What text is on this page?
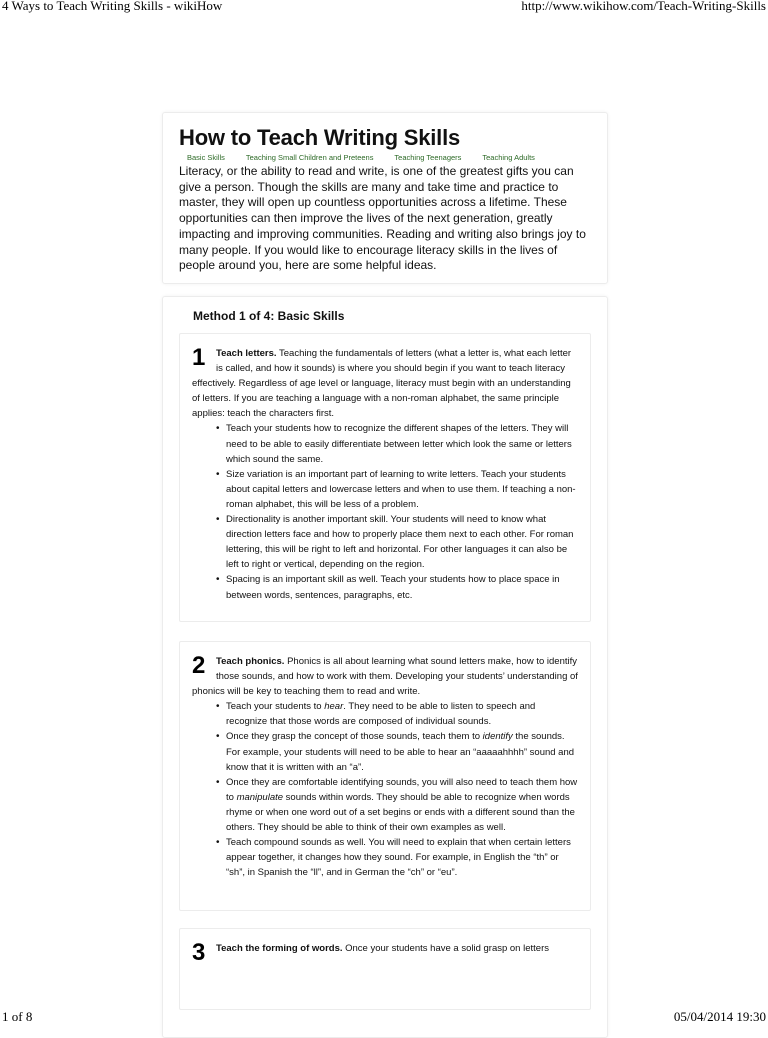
4 Ways to Teach Writing Skills - wikiHow	http://www.wikihow.com/Teach-Writing-Skills
How to Teach Writing Skills
Basic Skills	Teaching Small Children and Preteens	Teaching Teenagers	Teaching Adults

Literacy, or the ability to read and write, is one of the greatest gifts you can give a person. Though the skills are many and take time and practice to master, they will open up countless opportunities across a lifetime. These opportunities can then improve the lives of the next generation, greatly impacting and improving communities. Reading and writing also brings joy to many people. If you would like to encourage literacy skills in the lives of people around you, here are some helpful ideas.

Method 1 of 4: Basic Skills
1	Teach letters. Teaching the fundamentals of letters (what a letter is, what each letter is called, and how it sounds) is where you should begin if you want to teach literacy effectively. Regardless of age level or language, literacy must begin with an understanding of letters. If you are teaching a language with a non-roman alphabet, the same principle applies: teach the characters first.

• Teach your students how to recognize the different shapes of the letters. They will need to be able to easily differentiate between letter which look the same or letters which sound the same.
• Size variation is an important part of learning to write letters. Teach your students about capital letters and lowercase letters and when to use them. If teaching a non-roman alphabet, this will be less of a problem.
• Directionality is another important skill. Your students will need to know what direction letters face and how to properly place them next to each other. For roman lettering, this will be right to left and horizontal. For other languages it can also be left to right or vertical, depending on the region.
• Spacing is an important skill as well. Teach your students how to place space in between words, sentences, paragraphs, etc.
2	Teach phonics. Phonics is all about learning what sound letters make, how to identify those sounds, and how to work with them. Developing your students’ understanding of phonics will be key to teaching them to read and write.

• Teach your students to hear. They need to be able to listen to speech and recognize that those words are composed of individual sounds.
• Once they grasp the concept of those sounds, teach them to identify the sounds. For example, your students will need to be able to hear an “aaaaahhhh” sound and know that it is written with an “a”.
• Once they are comfortable identifying sounds, you will also need to teach them how to manipulate sounds within words. They should be able to recognize when words rhyme or when one word out of a set begins or ends with a different sound than the others. They should be able to think of their own examples as well.
• Teach compound sounds as well. You will need to explain that when certain letters appear together, it changes how they sound. For example, in English the “th” or “sh”, in Spanish the “ll”, and in German the “ch” or “eu”.
3	Teach the forming of words. Once your students have a solid grasp on letters

1 of 8	05/04/2014 19:30
